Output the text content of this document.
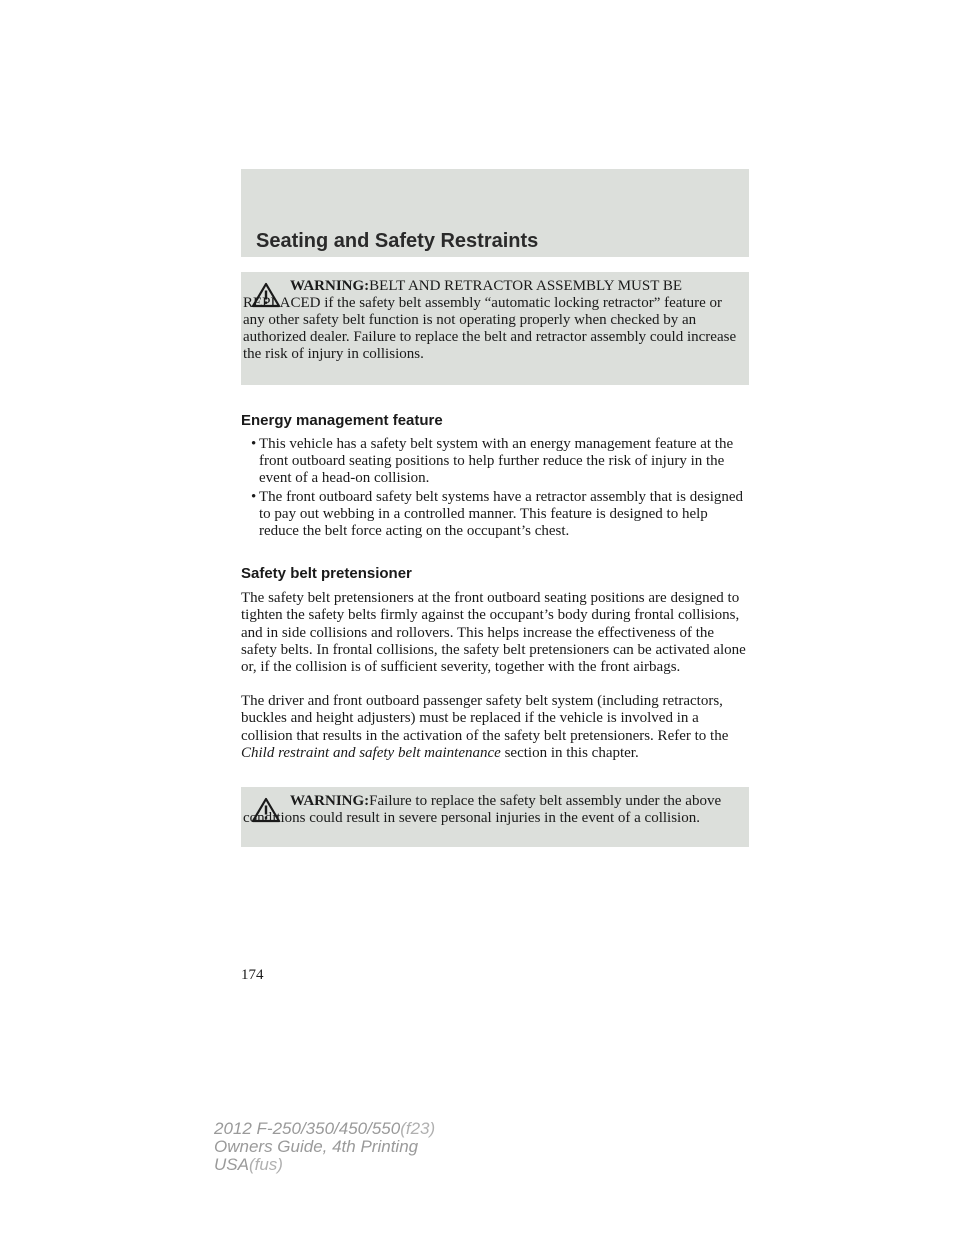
Seating and Safety Restraints

WARNING:BELT AND RETRACTOR ASSEMBLY MUST BE REPLACED if the safety belt assembly “automatic locking retractor” feature or any other safety belt function is not operating properly when checked by an authorized dealer. Failure to replace the belt and retractor assembly could increase the risk of injury in collisions.

Energy management feature
• This vehicle has a safety belt system with an energy management feature at the front outboard seating positions to help further reduce the risk of injury in the event of a head-on collision.
• The front outboard safety belt systems have a retractor assembly that is designed to pay out webbing in a controlled manner. This feature is designed to help reduce the belt force acting on the occupant’s chest.
Safety belt pretensioner

The safety belt pretensioners at the front outboard seating positions are designed to tighten the safety belts firmly against the occupant’s body during frontal collisions, and in side collisions and rollovers. This helps increase the effectiveness of the safety belts. In frontal collisions, the safety belt pretensioners can be activated alone or, if the collision is of sufficient severity, together with the front airbags.

The driver and front outboard passenger safety belt system (including retractors, buckles and height adjusters) must be replaced if the vehicle is involved in a collision that results in the activation of the safety belt pretensioners. Refer to the Child restraint and safety belt maintenance section in this chapter.

WARNING:Failure to replace the safety belt assembly under the above conditions could result in severe personal injuries in the event of a collision.

174
2012 F-250/350/450/550(f23)
Owners Guide, 4th Printing
USA(fus)
